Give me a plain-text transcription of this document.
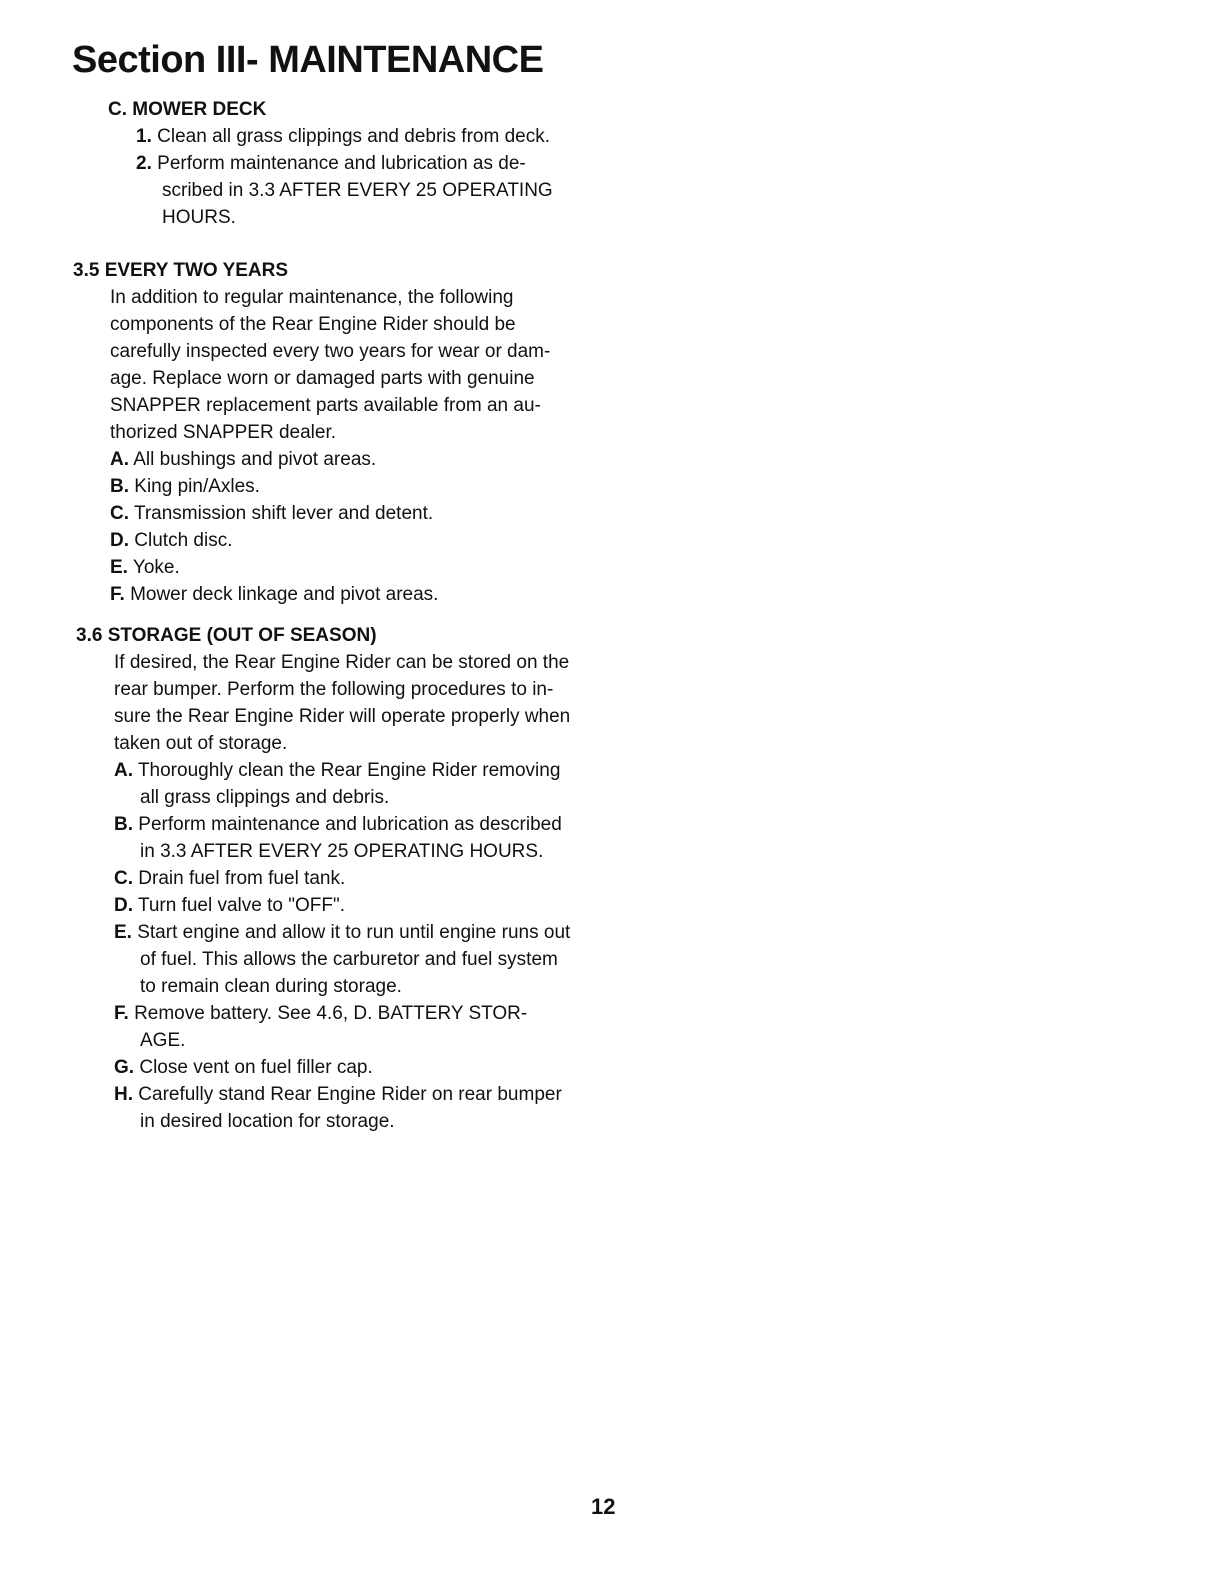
Section III- MAINTENANCE

C. MOWER DECK

1. Clean all grass clippings and debris from deck.
2. Perform maintenance and lubrication as de-
scribed in 3.3 AFTER EVERY 25 OPERATING
HOURS.

3.5 EVERY TWO YEARS

In addition to regular maintenance, the following
components of the Rear Engine Rider should be
carefully inspected every two years for wear or dam-
age. Replace worn or damaged parts with genuine
SNAPPER replacement parts available from an au-
thorized SNAPPER dealer.

A. All bushings and pivot areas.
B. King pin/Axles.
C. Transmission shift lever and detent.
D. Clutch disc.
E. Yoke.
F. Mower deck linkage and pivot areas.

3.6 STORAGE (OUT OF SEASON)

If desired, the Rear Engine Rider can be stored on the
rear bumper. Perform the following procedures to in-
sure the Rear Engine Rider will operate properly when
taken out of storage.

A. Thoroughly clean the Rear Engine Rider removing
all grass clippings and debris.
B. Perform maintenance and lubrication as described
in 3.3 AFTER EVERY 25 OPERATING HOURS.
C. Drain fuel from fuel tank.
D. Turn fuel valve to "OFF".
E. Start engine and allow it to run until engine runs out
of fuel. This allows the carburetor and fuel system
to remain clean during storage.
F. Remove battery. See 4.6, D. BATTERY STOR-
AGE.
G. Close vent on fuel filler cap.
H. Carefully stand Rear Engine Rider on rear bumper
in desired location for storage.

12
